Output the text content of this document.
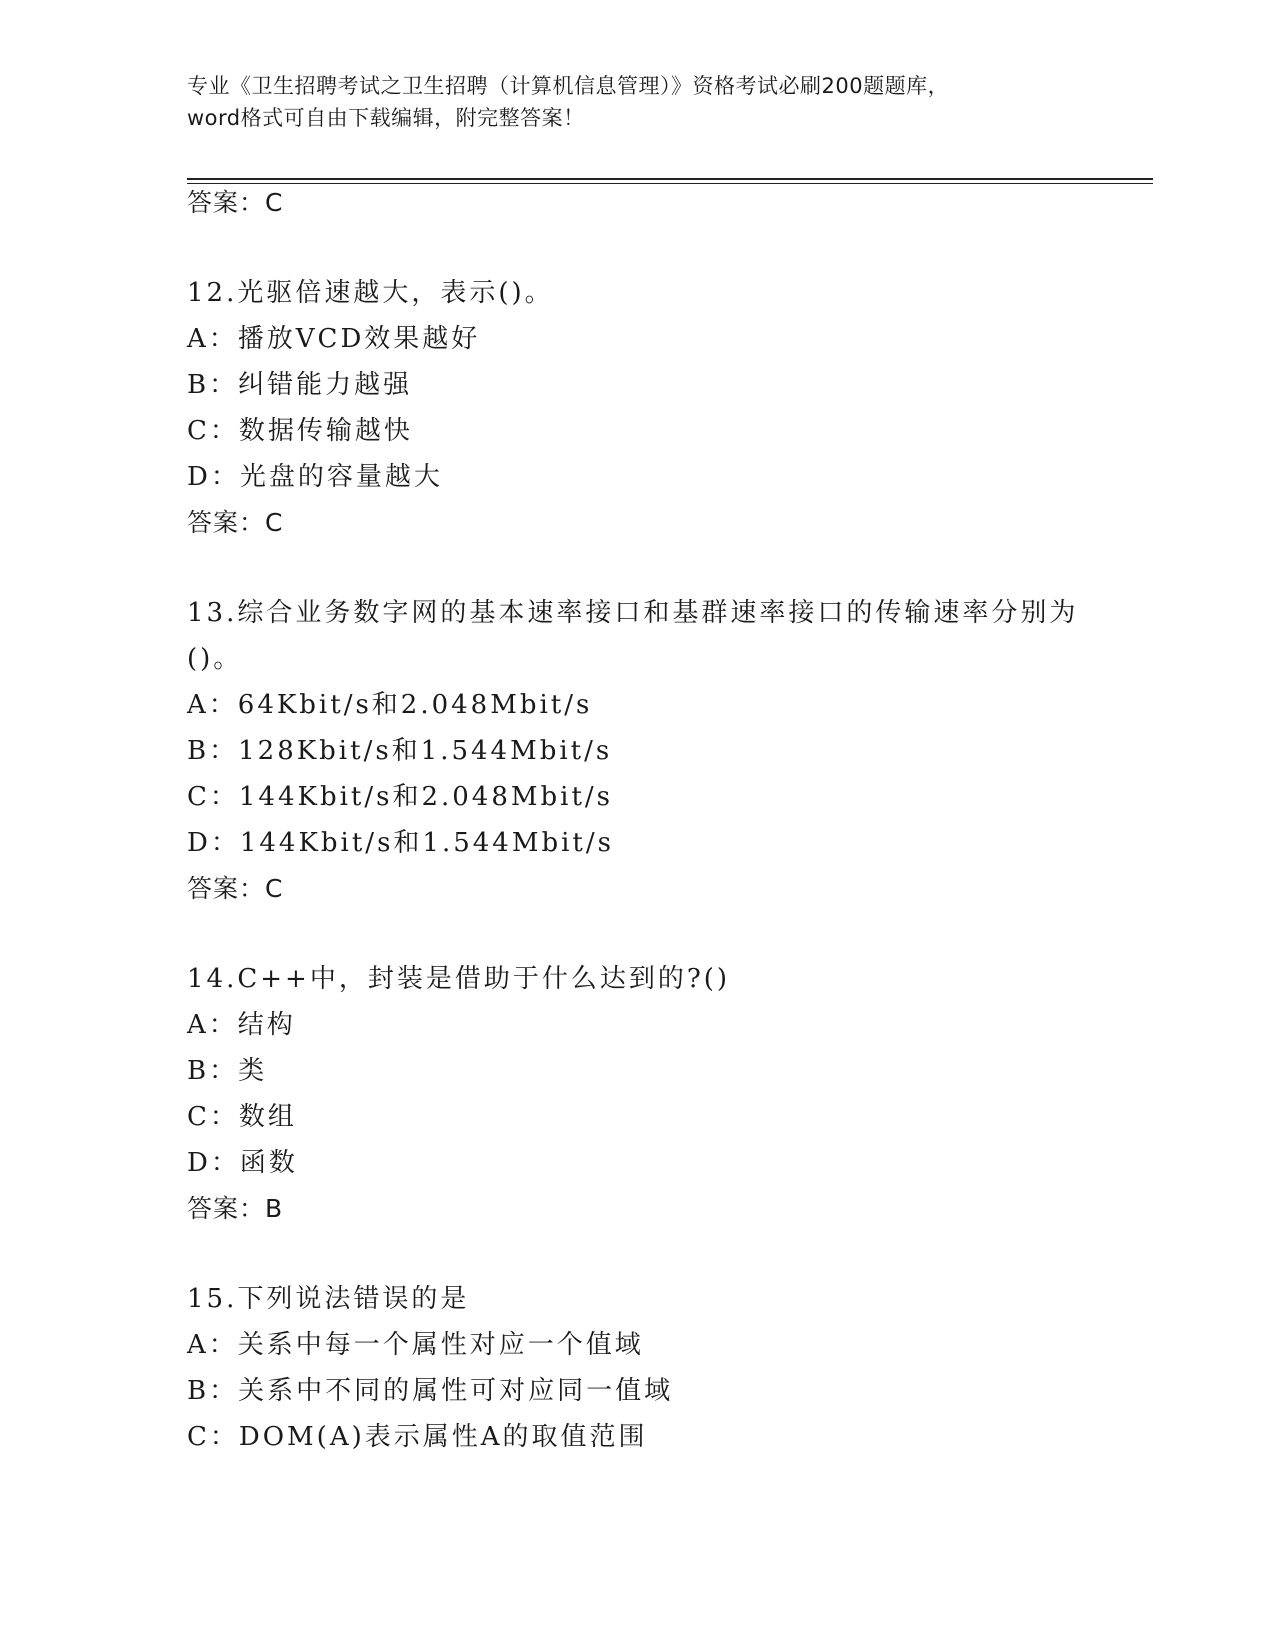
专业《卫生招聘考试之卫生招聘（计算机信息管理）》资格考试必刷200题题库，
word格式可自由下载编辑，附完整答案！
答案：C
12.光驱倍速越大，表示()。
A：播放VCD效果越好
B：纠错能力越强
C：数据传输越快
D：光盘的容量越大
答案：C
13.综合业务数字网的基本速率接口和基群速率接口的传输速率分别为
()。
A：64Kbit/s和2.048Mbit/s
B：128Kbit/s和1.544Mbit/s
C：144Kbit/s和2.048Mbit/s
D：144Kbit/s和1.544Mbit/s
答案：C
14.C++中，封装是借助于什么达到的?()
A：结构
B：类
C：数组
D：函数
答案：B
15.下列说法错误的是
A：关系中每一个属性对应一个值域
B：关系中不同的属性可对应同一值域
C：DOM(A)表示属性A的取值范围
